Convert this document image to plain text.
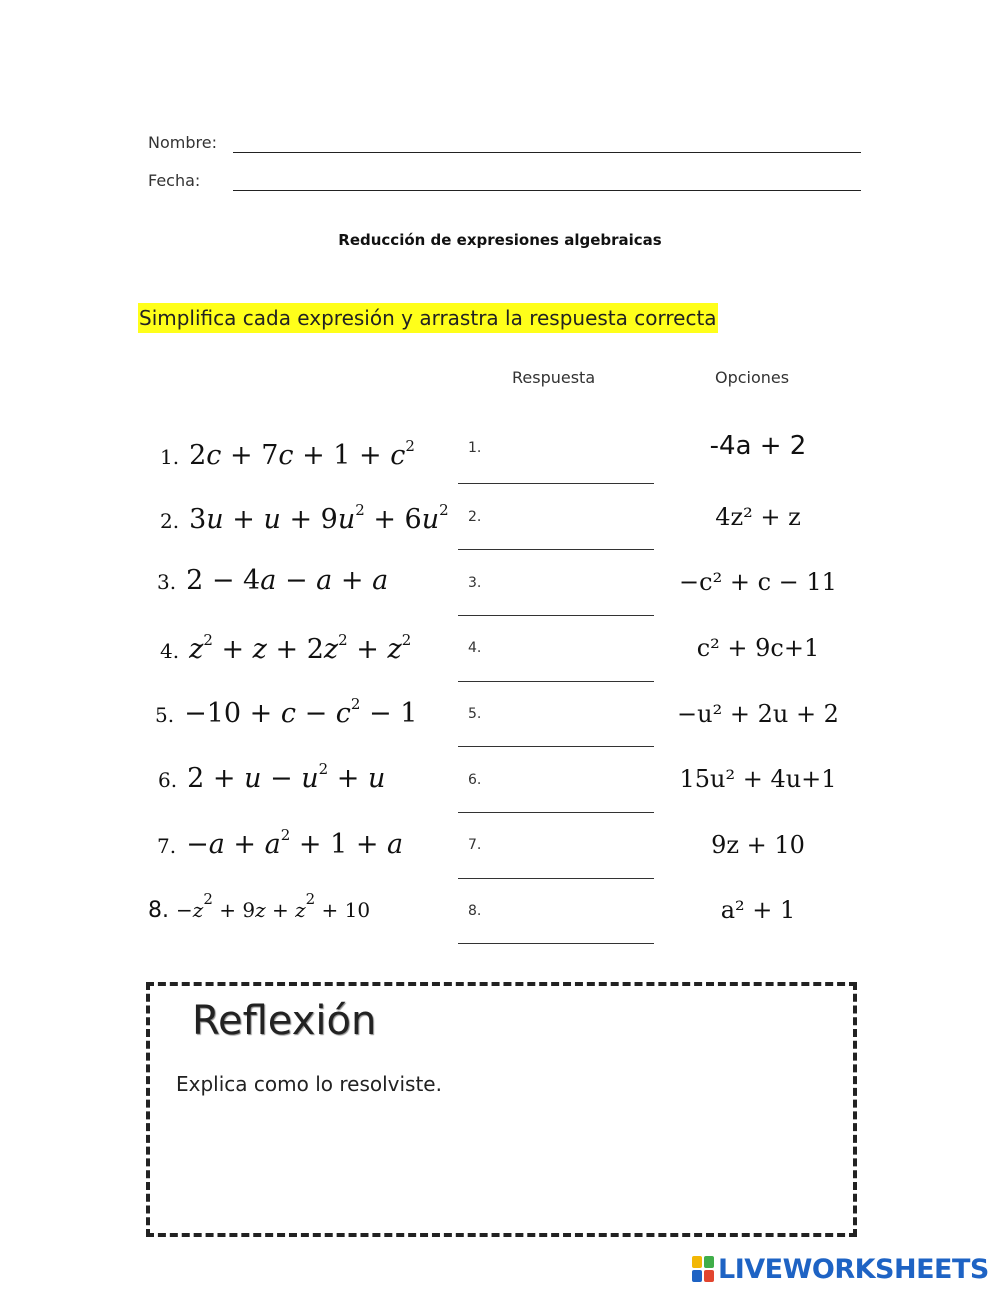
Nombre:
Fecha:
Reducción de expresiones algebraicas
Simplifica cada expresión y arrastra la respuesta correcta
Respuesta	Opciones
1. $2c + 7c + 1 + c^2$
2. $3u + u + 9u^2 + 6u^2$
3. 2 − 4a − a + a
4. $z^2 + z + 2z^2 + z^2$
5. $-10 + c - c^2 - 1$
6. $2 + u - u^2 + u$
7. $-a + a^2 + 1 + a$
8. $-z^2 + 9z + z^2 + 10$
1.
2.
3.
4.
5.
6.
7.
8.
-4a + 2
4z² + z
−c² + c − 11
c² + 9c+1
−u² + 2u + 2
15u² + 4u+1
9z + 10
a² + 1
Reflexión
Explica como lo resolviste.
LIVEWORKSHEETS
